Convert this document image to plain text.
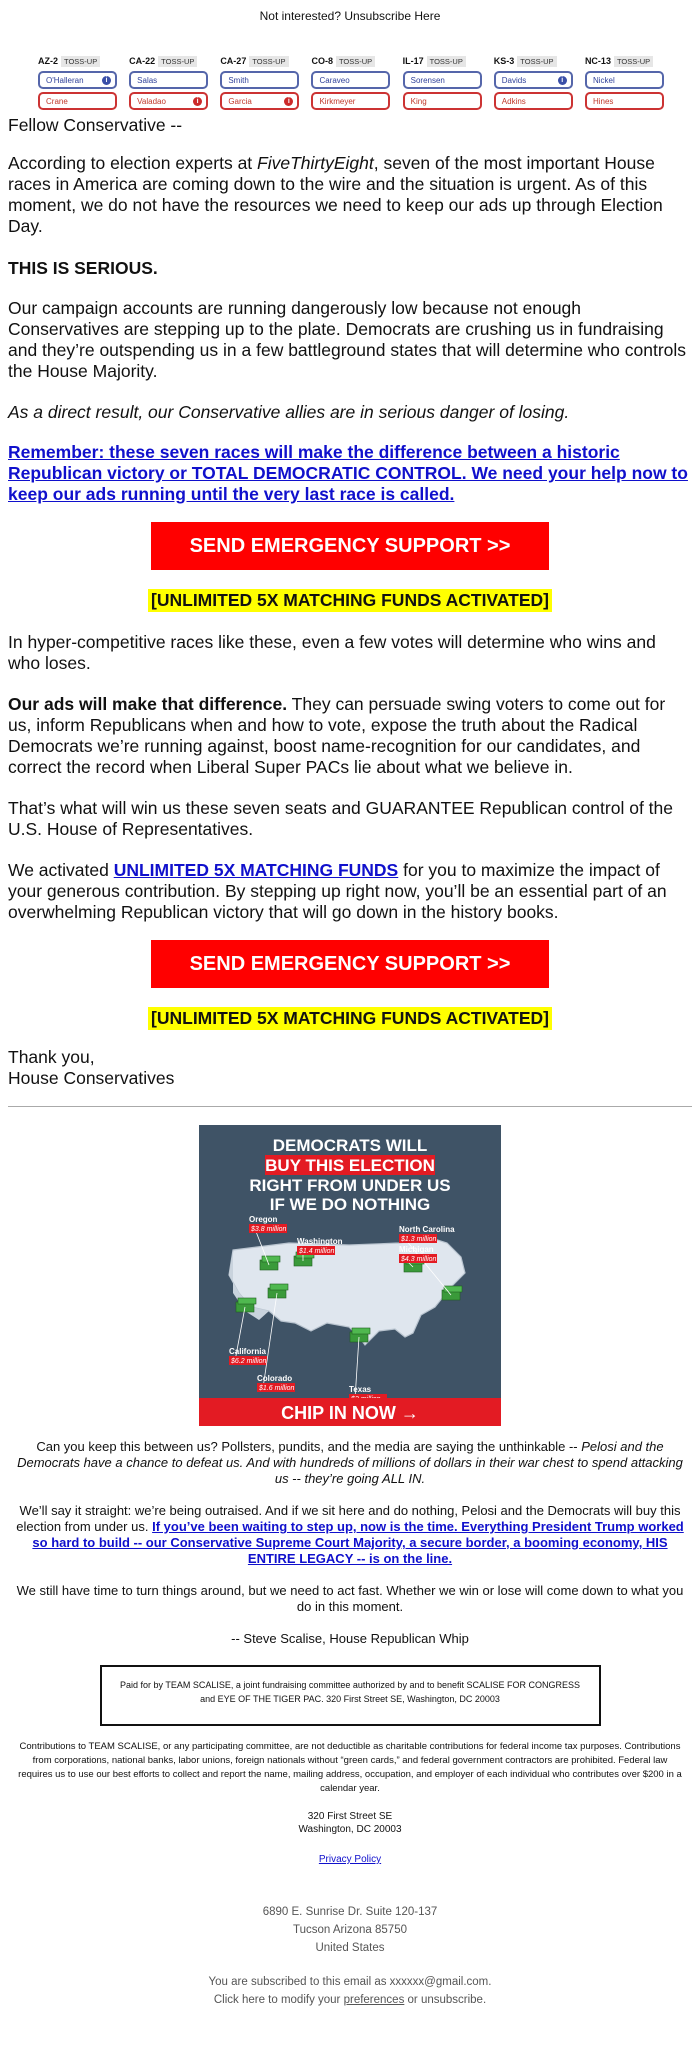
Not interested? Unsubscribe Here
AZ-2 TOSS-UP
O'Halleran	i
Crane
CA-22 TOSS-UP
Salas
Valadao	i
CA-27 TOSS-UP
Smith
Garcia	i
CO-8 TOSS-UP
Caraveo
Kirkmeyer
IL-17 TOSS-UP
Sorensen
King
KS-3 TOSS-UP
Davids	i
Adkins
NC-13 TOSS-UP
Nickel
Hines
Fellow Conservative --
According to election experts at FiveThirtyEight, seven of the most important House races in America are coming down to the wire and the situation is urgent. As of this moment, we do not have the resources we need to keep our ads up through Election Day.
THIS IS SERIOUS.
Our campaign accounts are running dangerously low because not enough Conservatives are stepping up to the plate. Democrats are crushing us in fundraising and they’re outspending us in a few battleground states that will determine who controls the House Majority.
As a direct result, our Conservative allies are in serious danger of losing.
Remember: these seven races will make the difference between a historic Republican victory or TOTAL DEMOCRATIC CONTROL. We need your help now to keep our ads running until the very last race is called.
SEND EMERGENCY SUPPORT >>
[UNLIMITED 5X MATCHING FUNDS ACTIVATED]
In hyper-competitive races like these, even a few votes will determine who wins and who loses.
Our ads will make that difference. They can persuade swing voters to come out for us, inform Republicans when and how to vote, expose the truth about the Radical Democrats we’re running against, boost name-recognition for our candidates, and correct the record when Liberal Super PACs lie about what we believe in.
That’s what will win us these seven seats and GUARANTEE Republican control of the U.S. House of Representatives.
We activated UNLIMITED 5X MATCHING FUNDS for you to maximize the impact of your generous contribution. By stepping up right now, you’ll be an essential part of an overwhelming Republican victory that will go down in the history books.
SEND EMERGENCY SUPPORT >>
[UNLIMITED 5X MATCHING FUNDS ACTIVATED]
Thank you,
House Conservatives
DEMOCRATS WILL
BUY THIS ELECTION
RIGHT FROM UNDER US
IF WE DO NOTHING
Oregon
$3.8 million
Washington
$1.4 million
North Carolina
$1.3 million
Michigan
$4.3 million
California
$6.2 million
Colorado
$1.6 million	Texas
CHIP IN NOW →
Can you keep this between us? Pollsters, pundits, and the media are saying the unthinkable -- Pelosi and the Democrats have a chance to defeat us. And with hundreds of millions of dollars in their war chest to spend attacking us -- they’re going ALL IN.
We’ll say it straight: we’re being outraised. And if we sit here and do nothing, Pelosi and the Democrats will buy this election from under us. If you’ve been waiting to step up, now is the time. Everything President Trump worked so hard to build -- our Conservative Supreme Court Majority, a secure border, a booming economy, HIS ENTIRE LEGACY -- is on the line.
We still have time to turn things around, but we need to act fast. Whether we win or lose will come down to what you do in this moment.
-- Steve Scalise, House Republican Whip
Paid for by TEAM SCALISE, a joint fundraising committee authorized by and to benefit SCALISE FOR CONGRESS and EYE OF THE TIGER PAC. 320 First Street SE, Washington, DC 20003
Contributions to TEAM SCALISE, or any participating committee, are not deductible as charitable contributions for federal income tax purposes. Contributions from corporations, national banks, labor unions, foreign nationals without “green cards,” and federal government contractors are prohibited. Federal law requires us to use our best efforts to collect and report the name, mailing address, occupation, and employer of each individual who contributes over $200 in a calendar year.
320 First Street SE
Washington, DC 20003
Privacy Policy
6890 E. Sunrise Dr. Suite 120-137
Tucson Arizona 85750
United States
You are subscribed to this email as xxxxxx@gmail.com.
Click here to modify your preferences or unsubscribe.
